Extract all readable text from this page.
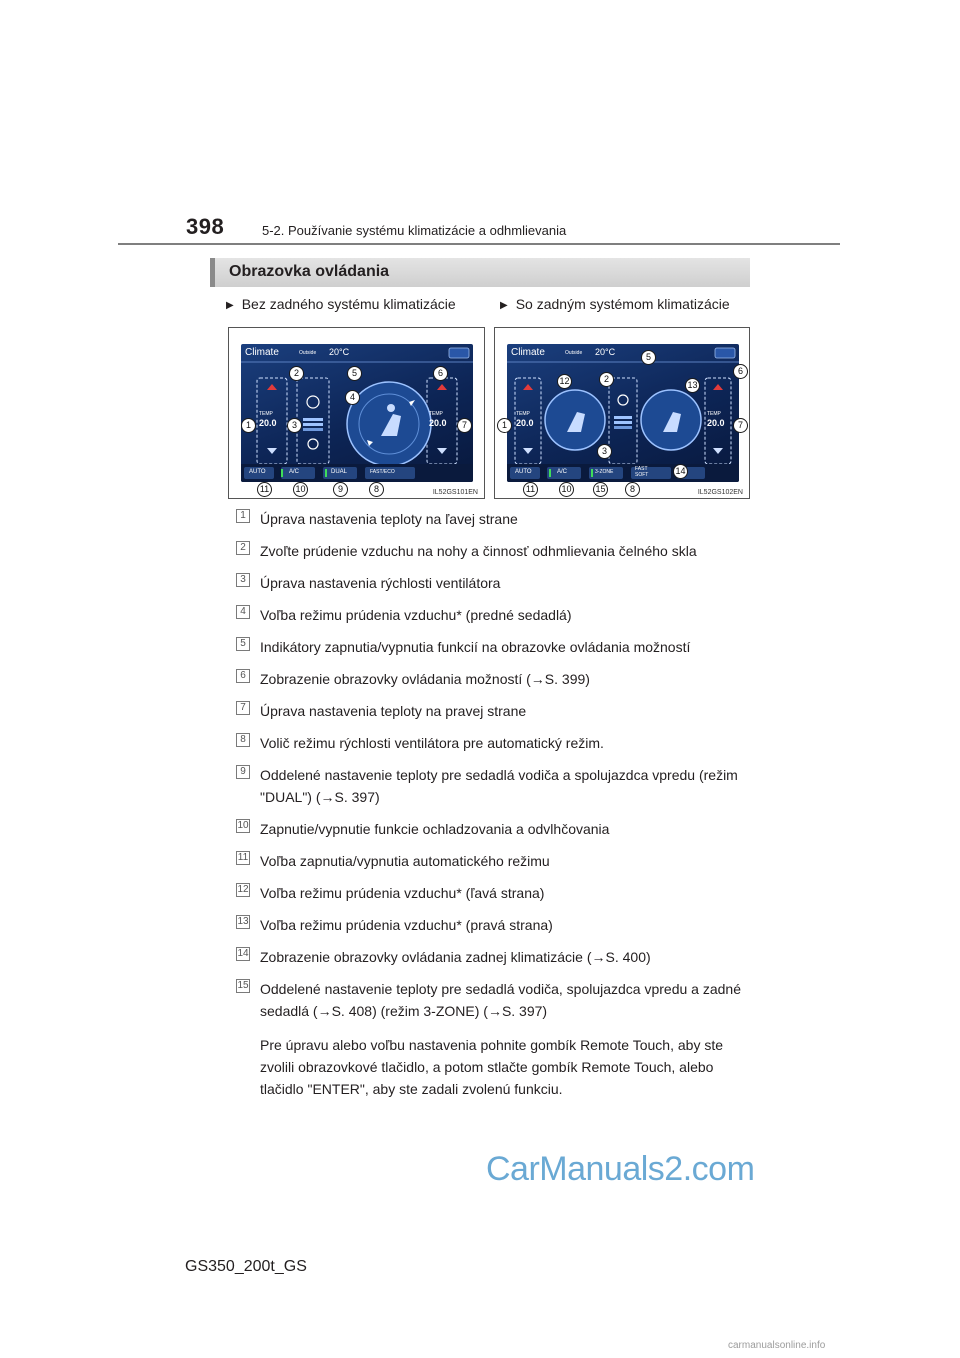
398	5-2. Používanie systému klimatizácie a odhmlievania
Obrazovka ovládania
▶ Bez zadného systému klimatizácie	▶ So zadným systémom klimatizácie
Climate	Outside 20°C
TEMP
20.0
TEMP
20.0
AUTO	A/C	DUAL	FAST/ECO
1
2
3
4
5	6
7
8
9
10
11	IL52GS101EN
Climate	Outside 20°C
TEMP
20.0
TEMP
20.0
AUTO	A/C	3-ZONE	FAST SOFT
1
2
3
5
6
7
8
10
11
12	13
14
15	IL52GS102EN
1	Úprava nastavenia teploty na ľavej strane
2	Zvoľte prúdenie vzduchu na nohy a činnosť odhmlievania čelného skla
3	Úprava nastavenia rýchlosti ventilátora
4	Voľba režimu prúdenia vzduchu* (predné sedadlá)
5	Indikátory zapnutia/vypnutia funkcií na obrazovke ovládania možností
6	Zobrazenie obrazovky ovládania možností (→S. 399)
7	Úprava nastavenia teploty na pravej strane
8	Volič režimu rýchlosti ventilátora pre automatický režim.
9	Oddelené nastavenie teploty pre sedadlá vodiča a spolujazdca vpredu (režim "DUAL") (→S. 397)
10 Zapnutie/vypnutie funkcie ochladzovania a odvlhčovania
11 Voľba zapnutia/vypnutia automatického režimu
12 Voľba režimu prúdenia vzduchu* (ľavá strana)
13 Voľba režimu prúdenia vzduchu* (pravá strana)
14 Zobrazenie obrazovky ovládania zadnej klimatizácie (→S. 400)
15 Oddelené nastavenie teploty pre sedadlá vodiča, spolujazdca vpredu a zadné sedadlá (→S. 408) (režim 3-ZONE) (→S. 397)
Pre úpravu alebo voľbu nastavenia pohnite gombík Remote Touch, aby ste zvolili obrazovkové tlačidlo, a potom stlačte gombík Remote Touch, alebo tlačidlo "ENTER", aby ste zadali zvolenú funkciu.
CarManuals2.com
GS350_200t_GS
carmanualsonline.info
